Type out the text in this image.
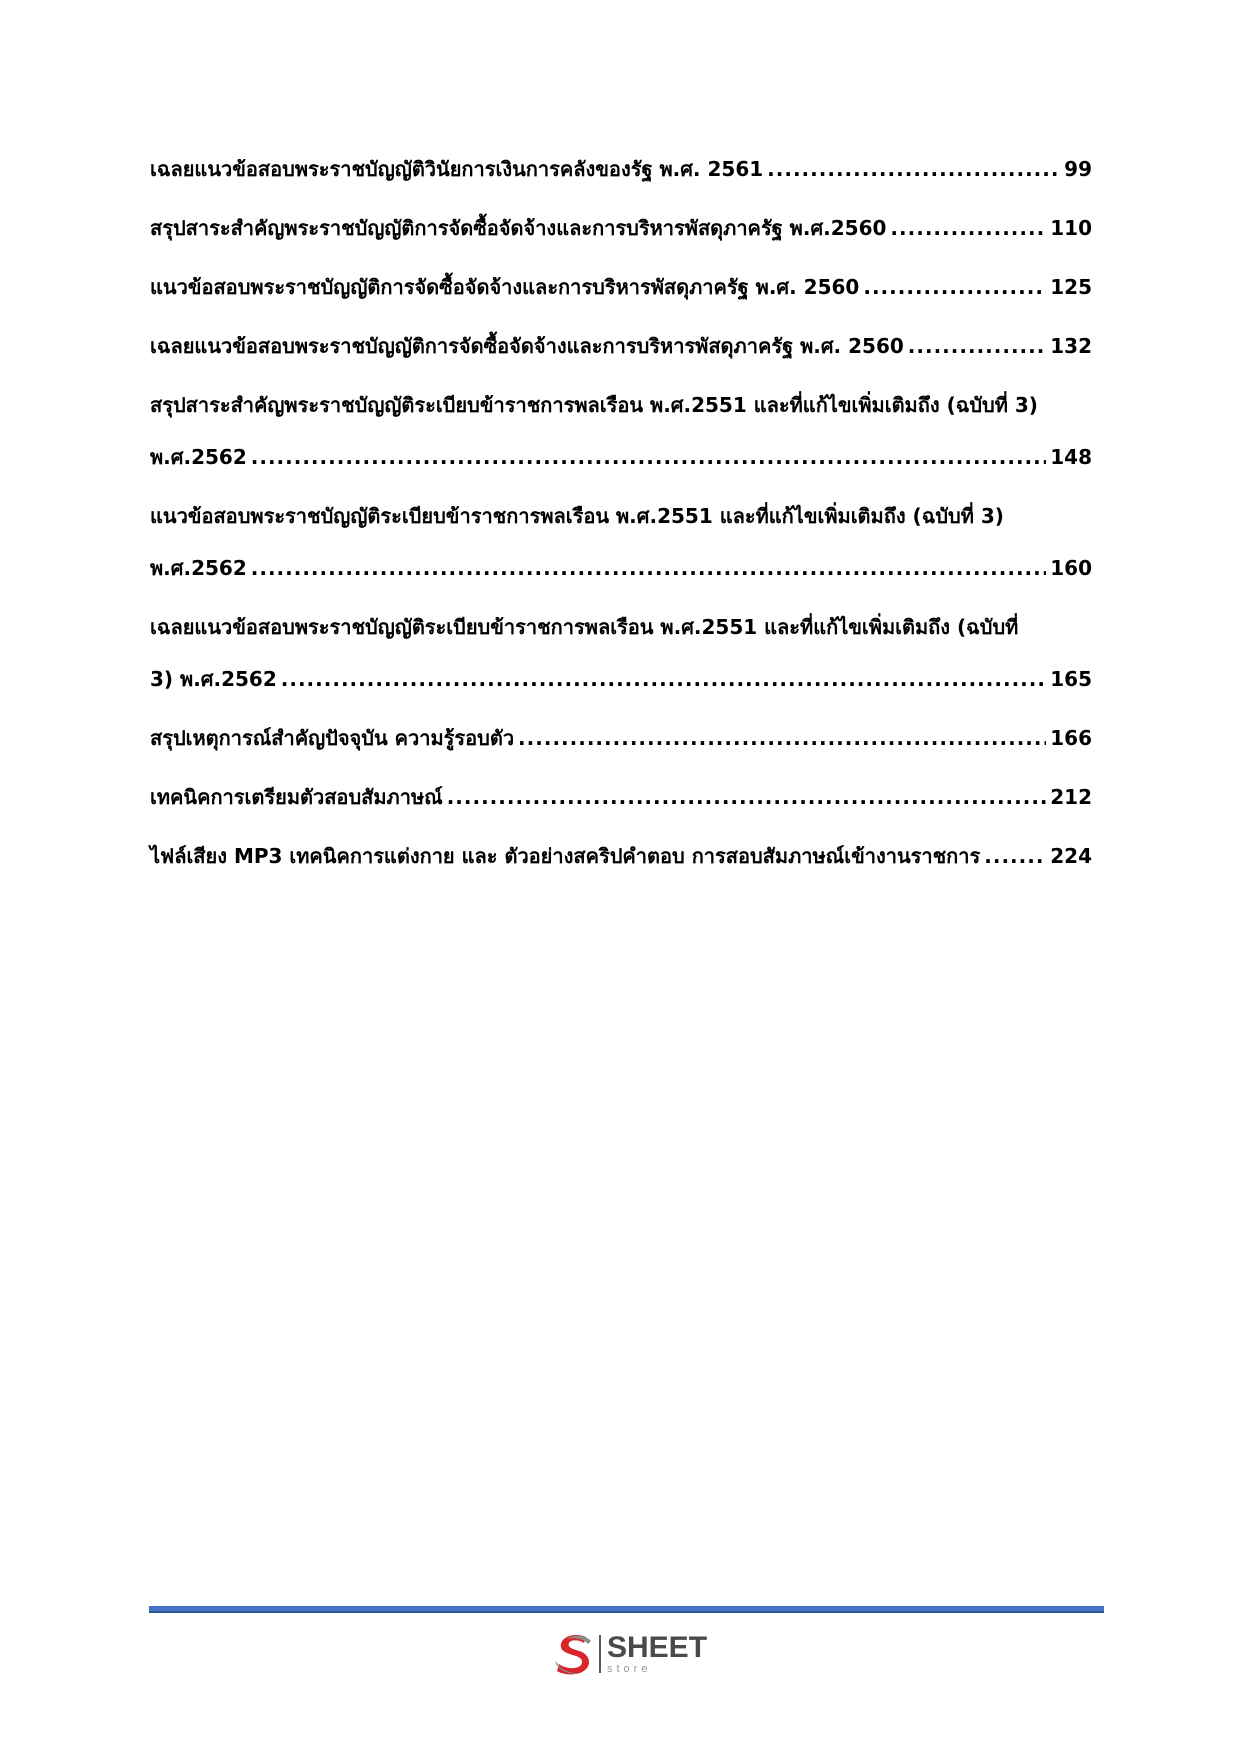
เฉลยแนวข้อสอบพระราชบัญญัติวินัยการเงินการคลังของรัฐ พ.ศ. 2561 .....	99
สรุปสาระสำคัญพระราชบัญญัติการจัดซื้อจัดจ้างและการบริหารพัสดุภาครัฐ พ.ศ.2560 .....	110
แนวข้อสอบพระราชบัญญัติการจัดซื้อจัดจ้างและการบริหารพัสดุภาครัฐ พ.ศ. 2560 .....	125
เฉลยแนวข้อสอบพระราชบัญญัติการจัดซื้อจัดจ้างและการบริหารพัสดุภาครัฐ พ.ศ. 2560 .....	132
สรุปสาระสำคัญพระราชบัญญัติระเบียบข้าราชการพลเรือน พ.ศ.2551 และที่แก้ไขเพิ่มเติมถึง (ฉบับที่ 3)
พ.ศ.2562 .....	148
แนวข้อสอบพระราชบัญญัติระเบียบข้าราชการพลเรือน พ.ศ.2551 และที่แก้ไขเพิ่มเติมถึง (ฉบับที่ 3)
พ.ศ.2562 .....	160
เฉลยแนวข้อสอบพระราชบัญญัติระเบียบข้าราชการพลเรือน พ.ศ.2551 และที่แก้ไขเพิ่มเติมถึง (ฉบับที่
3) พ.ศ.2562 .....	165
สรุปเหตุการณ์สำคัญปัจจุบัน ความรู้รอบตัว .....	166
เทคนิคการเตรียมตัวสอบสัมภาษณ์ .....	212
ไฟล์เสียง MP3 เทคนิคการแต่งกาย และ ตัวอย่างสคริปคำตอบ การสอบสัมภาษณ์เข้างานราชการ .....	224
SHEET
store
